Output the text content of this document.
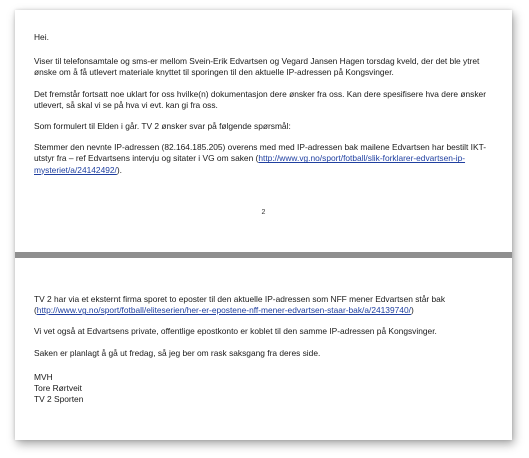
Hei.

Viser til telefonsamtale og sms-er mellom Svein-Erik Edvartsen og Vegard Jansen Hagen torsdag kveld, der det ble ytret ønske om å få utlevert materiale knyttet til sporingen til den aktuelle IP-adressen på Kongsvinger.

Det fremstår fortsatt noe uklart for oss hvilke(n) dokumentasjon dere ønsker fra oss. Kan dere spesifisere hva dere ønsker utlevert, så skal vi se på hva vi evt. kan gi fra oss.

Som formulert til Elden i går. TV 2 ønsker svar på følgende spørsmål:

Stemmer den nevnte IP-adressen (82.164.185.205) overens med med IP-adressen bak mailene Edvartsen har bestilt IKT-utstyr fra – ref Edvartsens intervju og sitater i VG om saken (http://www.vg.no/sport/fotball/slik-forklarer-edvartsen-ip-mysteriet/a/24142492/).

2

TV 2 har via et eksternt firma sporet to eposter til den aktuelle IP-adressen som NFF mener Edvartsen står bak (http://www.vg.no/sport/fotball/eliteserien/her-er-epostene-nff-mener-edvartsen-staar-bak/a/24139740/)

Vi vet også at Edvartsens private, offentlige epostkonto er koblet til den samme IP-adressen på Kongsvinger.

Saken er planlagt å gå ut fredag, så jeg ber om rask saksgang fra deres side.

MVH

Tore Rørtveit

TV 2 Sporten
